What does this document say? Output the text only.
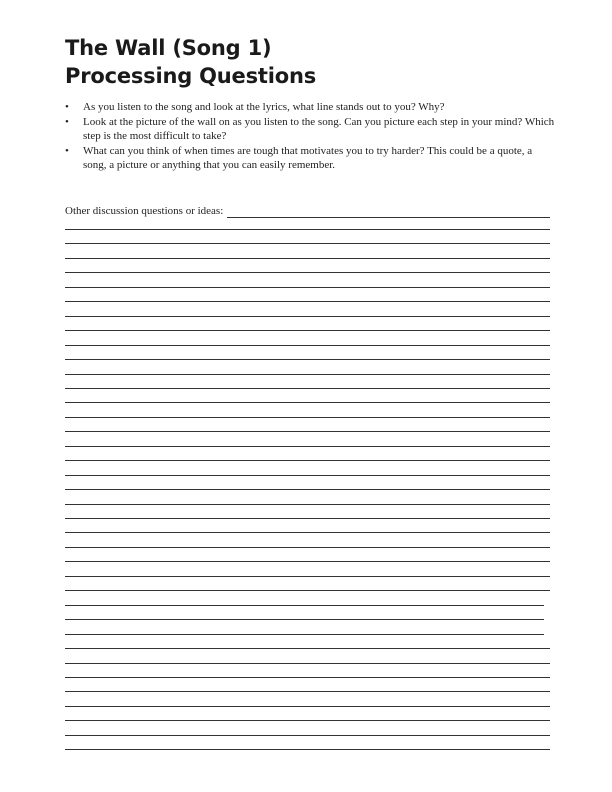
The Wall (Song 1)
Processing Questions
• As you listen to the song and look at the lyrics, what line stands out to you? Why?
• Look at the picture of the wall on as you listen to the song. Can you picture each step in your mind? Which step is the most difficult to take?
• What can you think of when times are tough that motivates you to try harder? This could be a quote, a song, a picture or anything that you can easily remember.
Other discussion questions or ideas:
